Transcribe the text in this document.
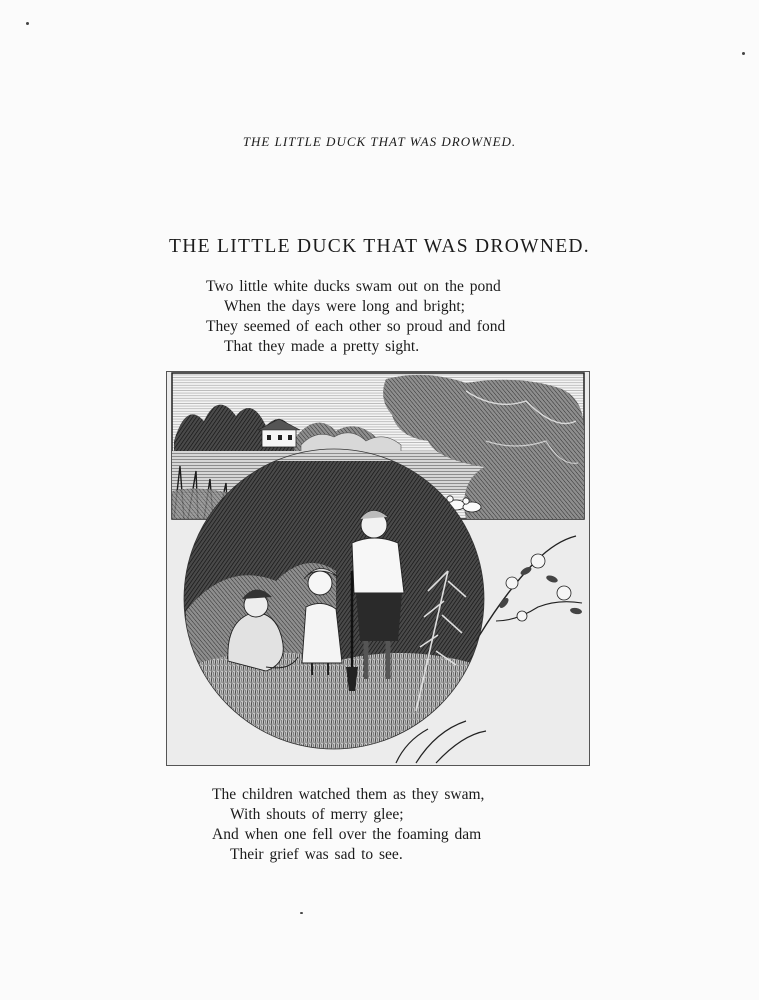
THE LITTLE DUCK THAT WAS DROWNED.
THE LITTLE DUCK THAT WAS DROWNED.
Two little white ducks swam out on the pond
When the days were long and bright;
They seemed of each other so proud and fond
That they made a pretty sight.
The children watched them as they swam,
With shouts of merry glee;
And when one fell over the foaming dam
Their grief was sad to see.
